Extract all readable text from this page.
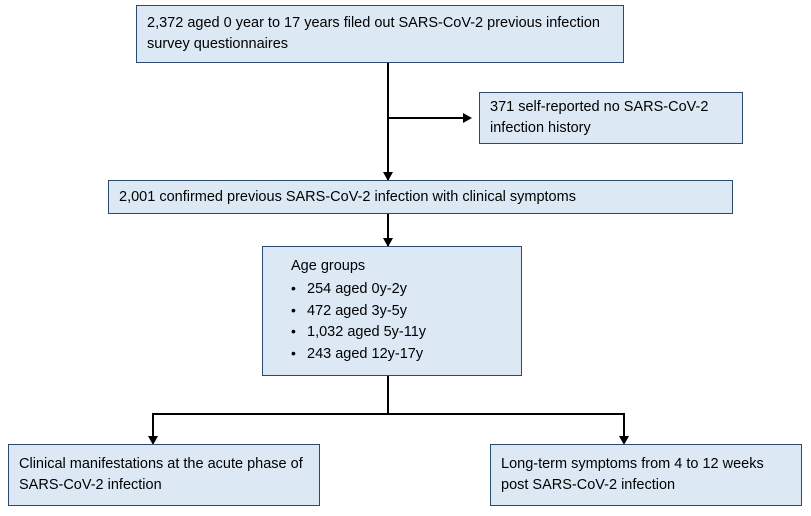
2,372 aged 0 year to 17 years filed out SARS-CoV-2 previous infection survey questionnaires
371 self-reported no SARS-CoV-2 infection history
2,001 confirmed previous SARS-CoV-2 infection with clinical symptoms
Age groups
• 254 aged 0y-2y
• 472 aged 3y-5y
• 1,032 aged 5y-11y
• 243 aged 12y-17y
Clinical manifestations at the acute phase of SARS-CoV-2 infection
Long-term symptoms from 4 to 12 weeks post SARS-CoV-2 infection
